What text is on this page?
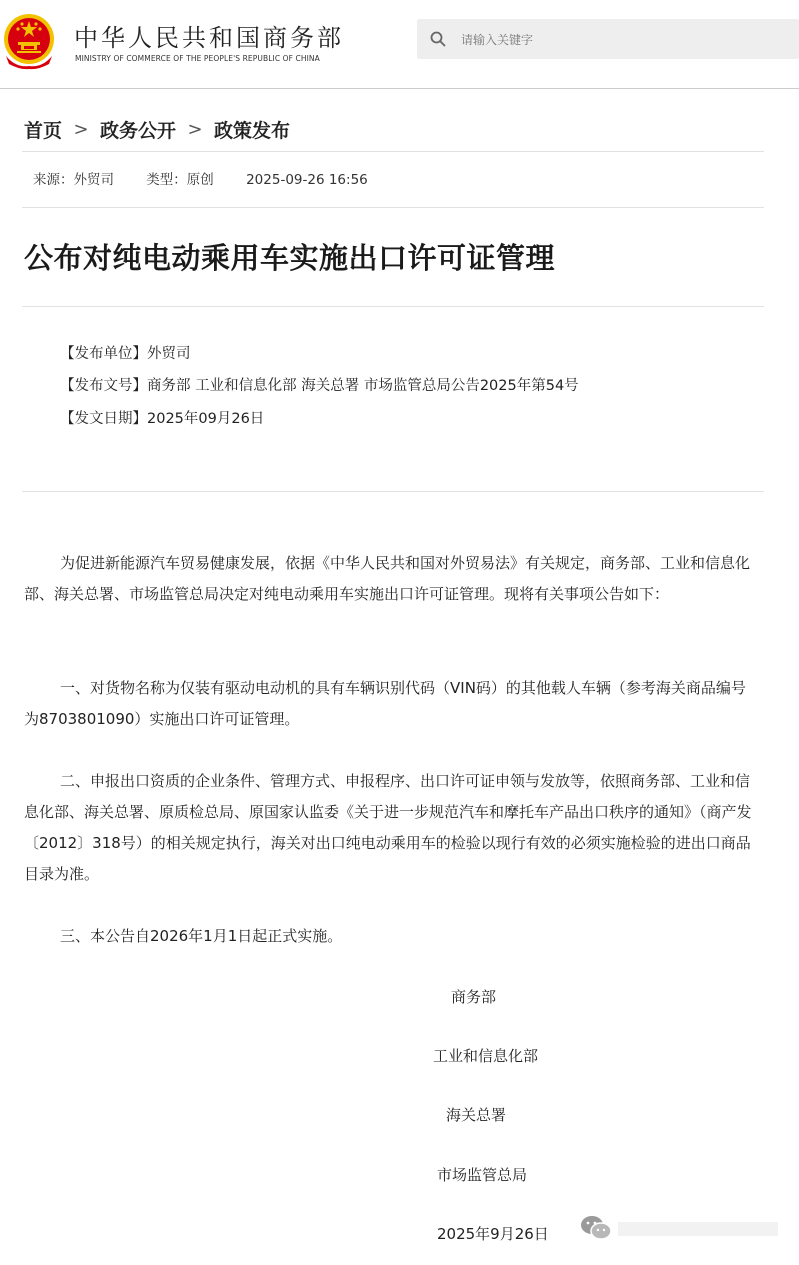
中华人民共和国商务部
MINISTRY OF COMMERCE OF THE PEOPLE'S REPUBLIC OF CHINA
请输入关键字
首页 > 政务公开 > 政策发布
来源：外贸司 类型：原创 2025-09-26 16:56
公布对纯电动乘用车实施出口许可证管理
【发布单位】外贸司
【发布文号】商务部 工业和信息化部 海关总署 市场监管总局公告2025年第54号
【发文日期】2025年09月26日

为促进新能源汽车贸易健康发展，依据《中华人民共和国对外贸易法》有关规定，商务部、工业和信息化部、海关总署、市场监管总局决定对纯电动乘用车实施出口许可证管理。现将有关事项公告如下：

一、对货物名称为仅装有驱动电动机的具有车辆识别代码（VIN码）的其他载人车辆（参考海关商品编号为8703801090）实施出口许可证管理。

二、申报出口资质的企业条件、管理方式、申报程序、出口许可证申领与发放等，依照商务部、工业和信息化部、海关总署、原质检总局、原国家认监委《关于进一步规范汽车和摩托车产品出口秩序的通知》（商产发〔2012〕318号）的相关规定执行，海关对出口纯电动乘用车的检验以现行有效的必须实施检验的进出口商品目录为准。

三、本公告自2026年1月1日起正式实施。

商务部
工业和信息化部
海关总署
市场监管总局
2025年9月26日
